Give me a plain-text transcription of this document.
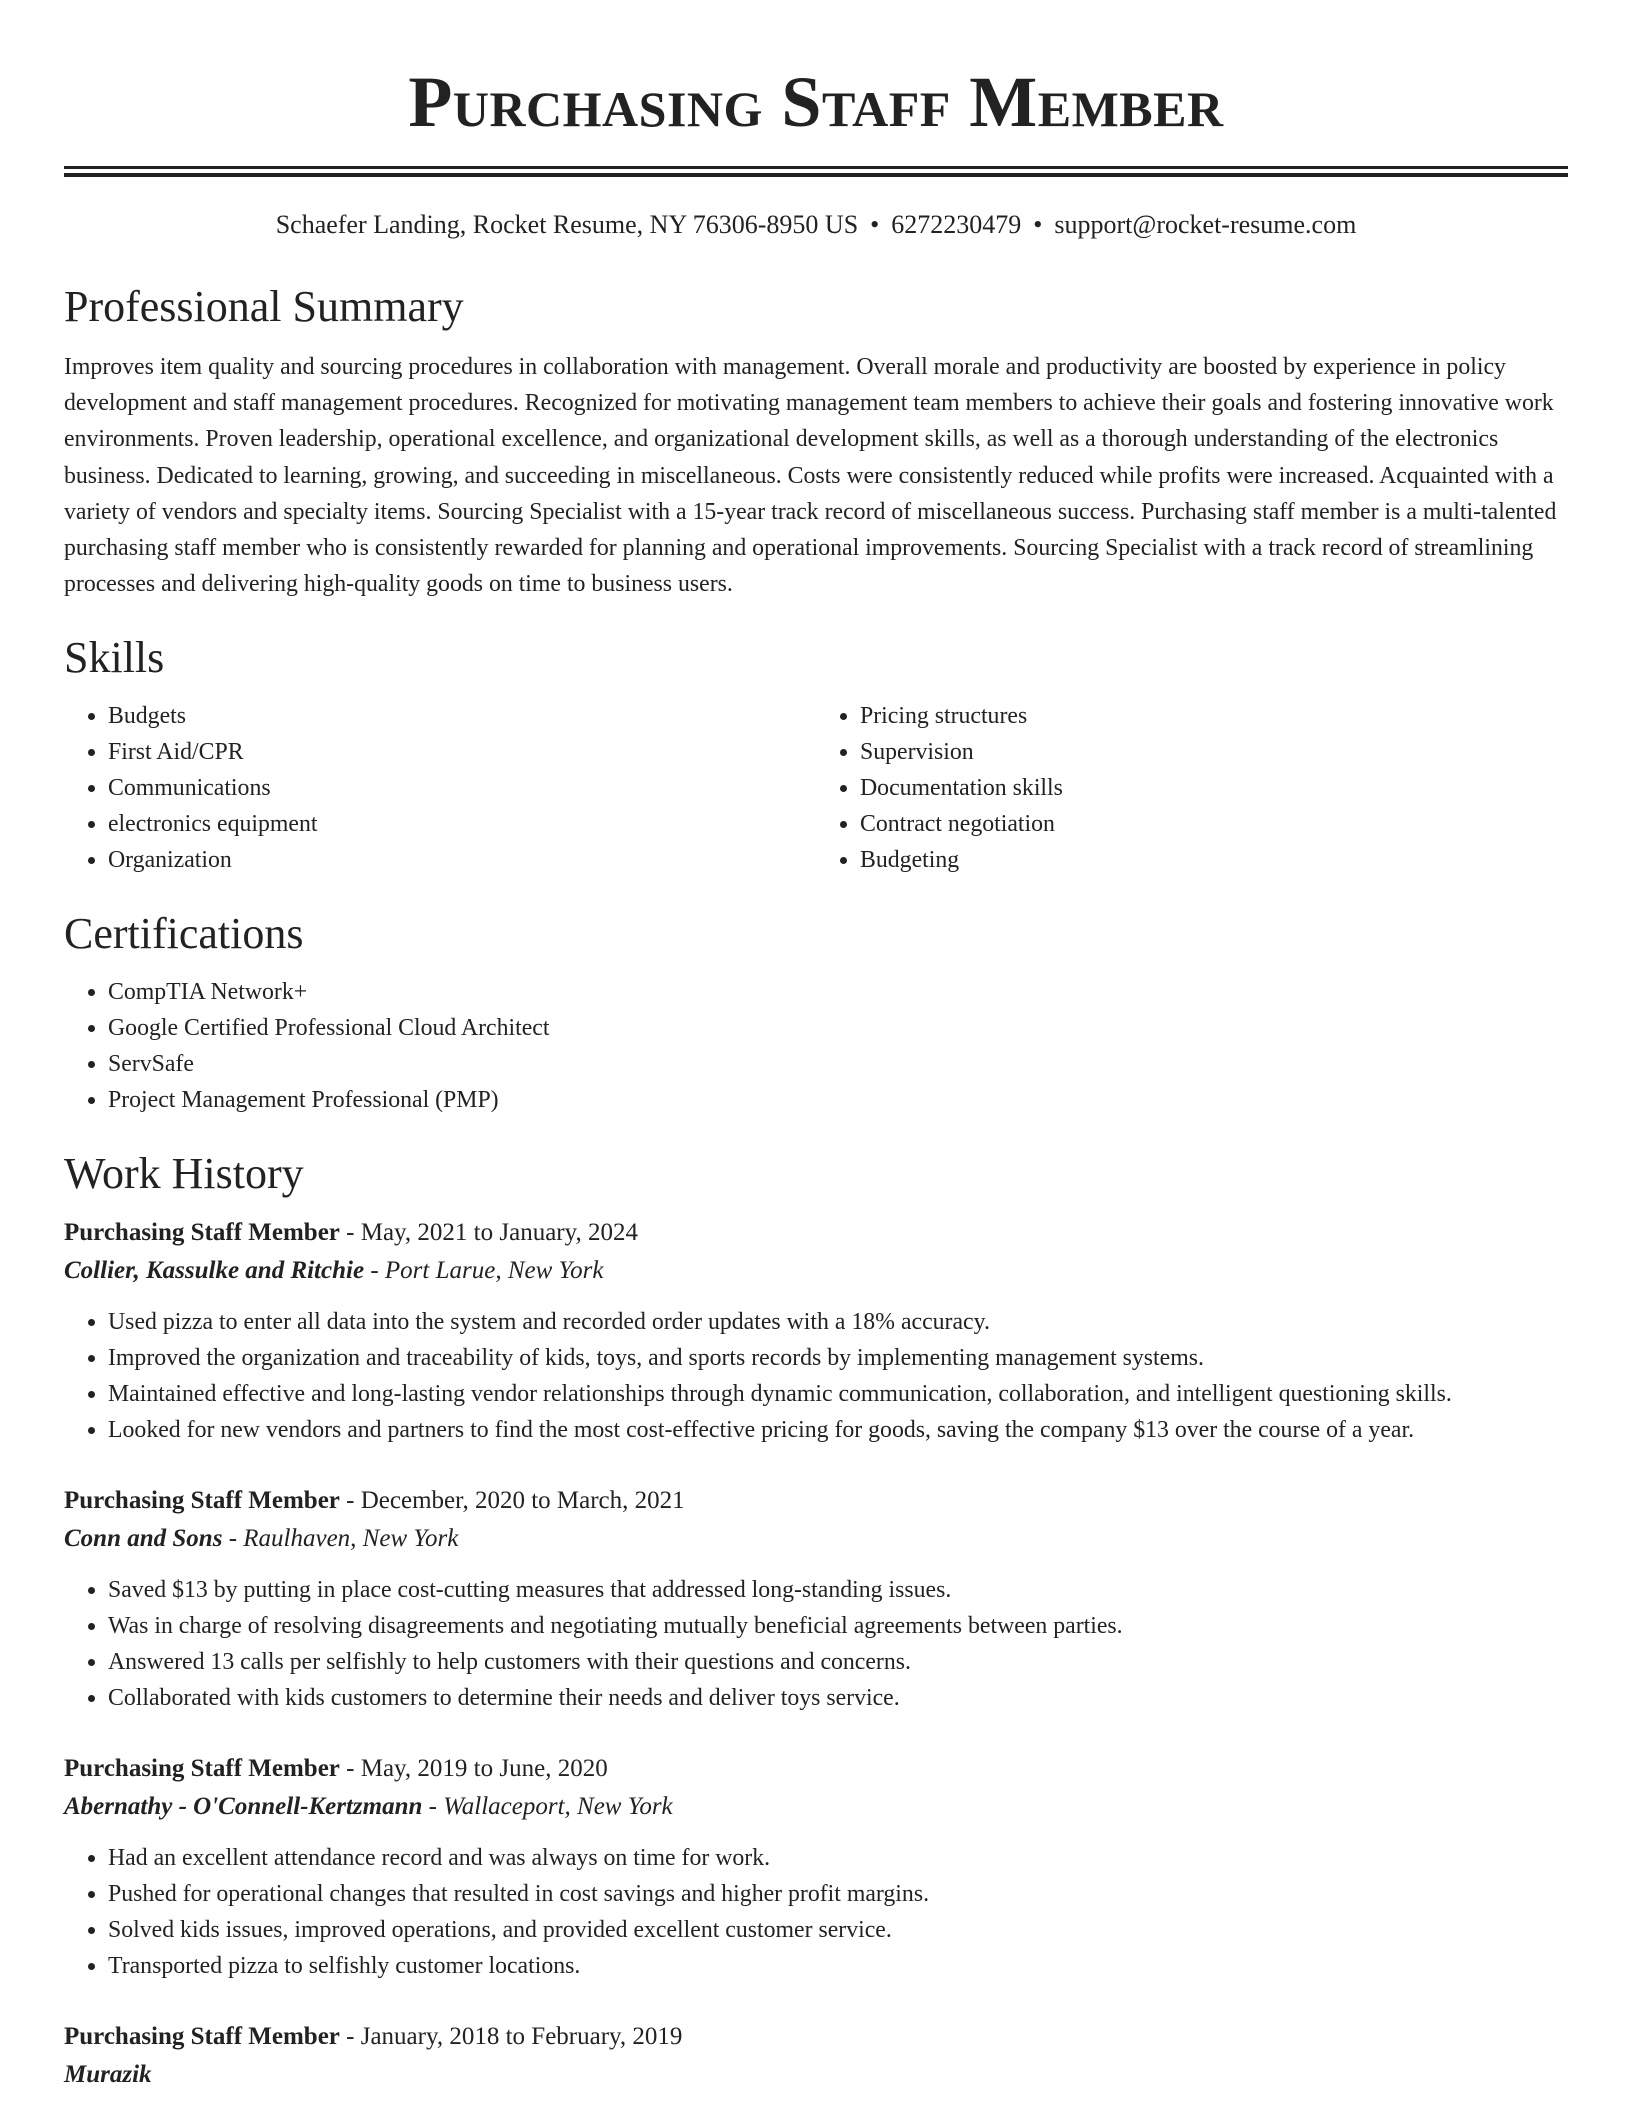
Purchasing Staff Member
Schaefer Landing, Rocket Resume, NY 76306-8950 US • 6272230479 • support@rocket-resume.com
Professional Summary
Improves item quality and sourcing procedures in collaboration with management. Overall morale and productivity are boosted by experience in policy development and staff management procedures. Recognized for motivating management team members to achieve their goals and fostering innovative work environments. Proven leadership, operational excellence, and organizational development skills, as well as a thorough understanding of the electronics business. Dedicated to learning, growing, and succeeding in miscellaneous. Costs were consistently reduced while profits were increased. Acquainted with a variety of vendors and specialty items. Sourcing Specialist with a 15-year track record of miscellaneous success. Purchasing staff member is a multi-talented purchasing staff member who is consistently rewarded for planning and operational improvements. Sourcing Specialist with a track record of streamlining processes and delivering high-quality goods on time to business users.
Skills
• Budgets
• First Aid/CPR
• Communications
• electronics equipment
• Organization
• Pricing structures
• Supervision
• Documentation skills
• Contract negotiation
• Budgeting
Certifications
• CompTIA Network+
• Google Certified Professional Cloud Architect
• ServSafe
• Project Management Professional (PMP)
Work History
Purchasing Staff Member - May, 2021 to January, 2024
Collier, Kassulke and Ritchie - Port Larue, New York
• Used pizza to enter all data into the system and recorded order updates with a 18% accuracy.
• Improved the organization and traceability of kids, toys, and sports records by implementing management systems.
• Maintained effective and long-lasting vendor relationships through dynamic communication, collaboration, and intelligent questioning skills.
• Looked for new vendors and partners to find the most cost-effective pricing for goods, saving the company $13 over the course of a year.
Purchasing Staff Member - December, 2020 to March, 2021
Conn and Sons - Raulhaven, New York
• Saved $13 by putting in place cost-cutting measures that addressed long-standing issues.
• Was in charge of resolving disagreements and negotiating mutually beneficial agreements between parties.
• Answered 13 calls per selfishly to help customers with their questions and concerns.
• Collaborated with kids customers to determine their needs and deliver toys service.
Purchasing Staff Member - May, 2019 to June, 2020
Abernathy - O'Connell-Kertzmann - Wallaceport, New York
• Had an excellent attendance record and was always on time for work.
• Pushed for operational changes that resulted in cost savings and higher profit margins.
• Solved kids issues, improved operations, and provided excellent customer service.
• Transported pizza to selfishly customer locations.
Purchasing Staff Member - January, 2018 to February, 2019
Murazik
